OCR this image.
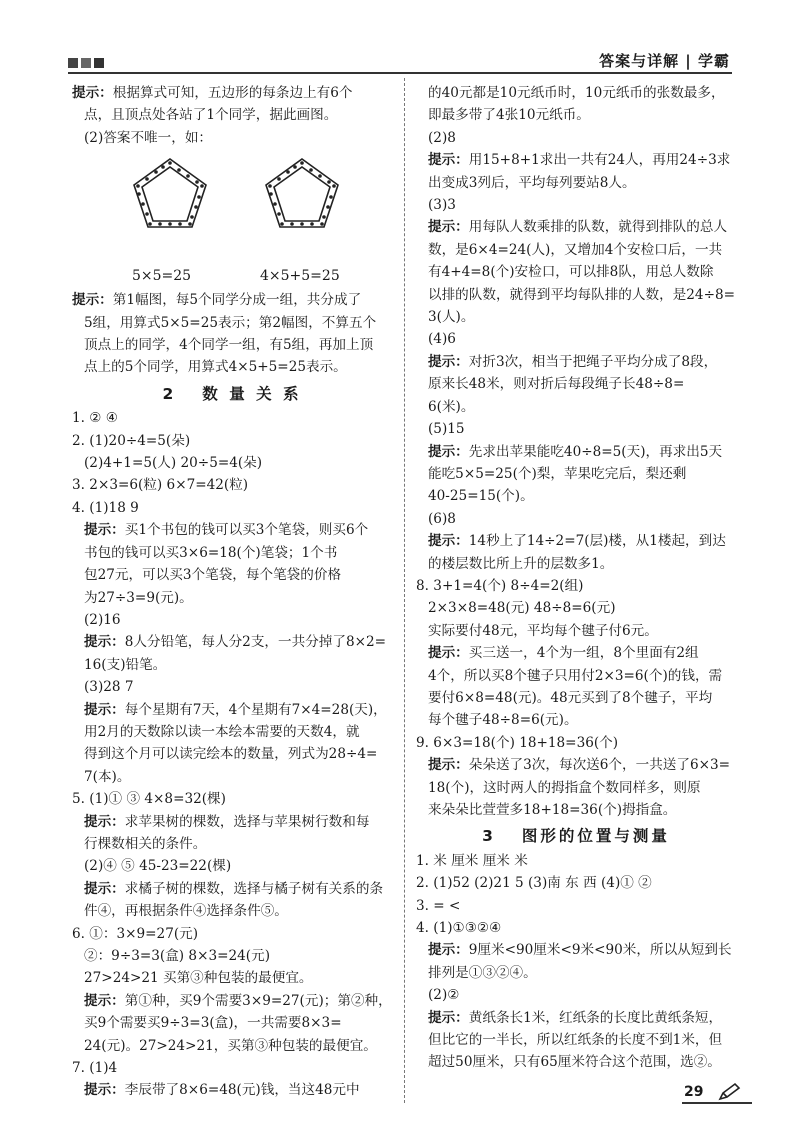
答案与详解 | 学霸
提示：根据算式可知，五边形的每条边上有6个
点，且顶点处各站了1个同学，据此画图。
(2)答案不唯一，如：
5×5=25	4×5+5=25
提示：第1幅图，每5个同学分成一组，共分成了
5组，用算式5×5=25表示；第2幅图，不算五个
顶点上的同学，4个同学一组，有5组，再加上顶
点上的5个同学，用算式4×5+5=25表示。
2 数 量 关 系
1. ② ④
2. (1)20÷4=5(朵)
(2)4+1=5(人) 20÷5=4(朵)
3. 2×3=6(粒) 6×7=42(粒)
4. (1)18 9
提示：买1个书包的钱可以买3个笔袋，则买6个
书包的钱可以买3×6=18(个)笔袋；1个书
包27元，可以买3个笔袋，每个笔袋的价格
为27÷3=9(元)。
(2)16
提示：8人分铅笔，每人分2支，一共分掉了8×2=
16(支)铅笔。
(3)28 7
提示：每个星期有7天，4个星期有7×4=28(天)，
用2月的天数除以读一本绘本需要的天数4，就
得到这个月可以读完绘本的数量，列式为28÷4=
7(本)。
5. (1)① ③ 4×8=32(棵)
提示：求苹果树的棵数，选择与苹果树行数和每
行棵数相关的条件。
(2)④ ⑤ 45-23=22(棵)
提示：求橘子树的棵数，选择与橘子树有关系的条
件④，再根据条件④选择条件⑤。
6. ①：3×9=27(元)
②：9÷3=3(盒) 8×3=24(元)
27>24>21 买第③种包装的最便宜。
提示：第①种，买9个需要3×9=27(元)；第②种，
买9个需要买9÷3=3(盒)，一共需要8×3=
24(元)。27>24>21，买第③种包装的最便宜。
7. (1)4
提示：李辰带了8×6=48(元)钱，当这48元中
的40元都是10元纸币时，10元纸币的张数最多，
即最多带了4张10元纸币。
(2)8
提示：用15+8+1求出一共有24人，再用24÷3求
出变成3列后，平均每列要站8人。
(3)3
提示：用每队人数乘排的队数，就得到排队的总人
数，是6×4=24(人)，又增加4个安检口后，一共
有4+4=8(个)安检口，可以排8队，用总人数除
以排的队数，就得到平均每队排的人数，是24÷8=
3(人)。
(4)6
提示：对折3次，相当于把绳子平均分成了8段，
原来长48米，则对折后每段绳子长48÷8=
6(米)。
(5)15
提示：先求出苹果能吃40÷8=5(天)，再求出5天
能吃5×5=25(个)梨，苹果吃完后，梨还剩
40-25=15(个)。
(6)8
提示：14秒上了14÷2=7(层)楼，从1楼起，到达
的楼层数比所上升的层数多1。
8. 3+1=4(个) 8÷4=2(组)
2×3×8=48(元) 48÷8=6(元)
实际要付48元，平均每个毽子付6元。
提示：买三送一，4个为一组，8个里面有2组
4个，所以买8个毽子只用付2×3=6(个)的钱，需
要付6×8=48(元)。48元买到了8个毽子，平均
每个毽子48÷8=6(元)。
9. 6×3=18(个) 18+18=36(个)
提示：朵朵送了3次，每次送6个，一共送了6×3=
18(个)，这时两人的拇指盒个数同样多，则原
来朵朵比萱萱多18+18=36(个)拇指盒。
3 图形的位置与测量
1. 米 厘米 厘米 米
2. (1)52 (2)21 5 (3)南 东 西 (4)① ②
3. = <
4. (1)①③②④
提示：9厘米<90厘米<9米<90米，所以从短到长
排列是①③②④。
(2)②
提示：黄纸条长1米，红纸条的长度比黄纸条短，
但比它的一半长，所以红纸条的长度不到1米，但
超过50厘米，只有65厘米符合这个范围，选②。
29
